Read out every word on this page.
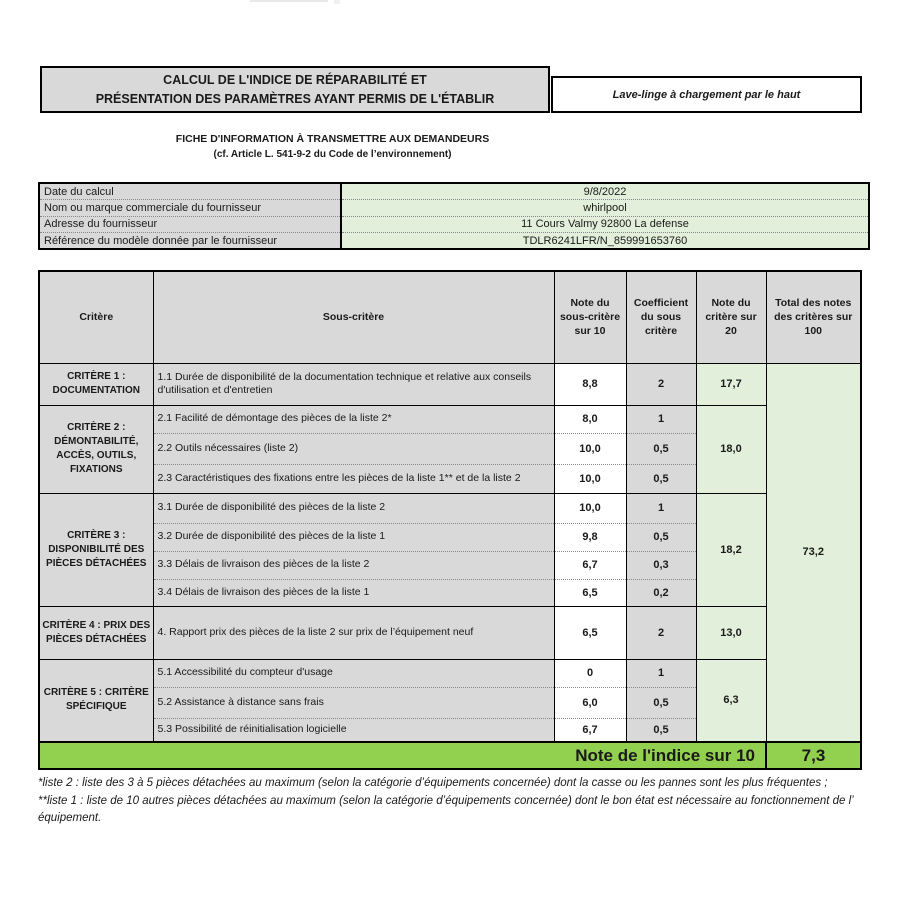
CALCUL DE L'INDICE DE RÉPARABILITÉ ET
PRÉSENTATION DES PARAMÈTRES AYANT PERMIS DE L'ÉTABLIR	Lave-linge à chargement par le haut
FICHE D'INFORMATION À TRANSMETTRE AUX DEMANDEURS
(cf. Article L. 541-9-2 du Code de l’environnement)
Date du calcul	9/8/2022
Nom ou marque commerciale du fournisseur	whirlpool
Adresse du fournisseur	11 Cours Valmy 92800 La defense
Référence du modèle donnée par le fournisseur	TDLR6241LFR/N_859991653760
Critère	Sous-critère	Note du sous-critère sur 10	Coefficient du sous critère	Note du critère sur 20	Total des notes des critères sur 100
CRITÈRE 1 : DOCUMENTATION	1.1 Durée de disponibilité de la documentation technique et relative aux conseils d'utilisation et d'entretien	8,8	2	17,7	73,2
CRITÈRE 2 : DÉMONTABILITÉ, ACCÈS, OUTILS, FIXATIONS	2.1 Facilité de démontage des pièces de la liste 2*	8,0	1	18,0	
	2.2 Outils nécessaires (liste 2)	10,0	0,5		
	2.3 Caractéristiques des fixations entre les pièces de la liste 1** et de la liste 2	10,0	0,5		
CRITÈRE 3 : DISPONIBILITÉ DES PIÈCES DÉTACHÉES	3.1 Durée de disponibilité des pièces de la liste 2	10,0	1	18,2	
	3.2 Durée de disponibilité des pièces de la liste 1	9,8	0,5		
	3.3 Délais de livraison des pièces de la liste 2	6,7	0,3		
	3.4 Délais de livraison des pièces de la liste 1	6,5	0,2		
CRITÈRE 4 : PRIX DES PIÈCES DÉTACHÉES	4. Rapport prix des pièces de la liste 2 sur prix de l’équipement neuf	6,5	2	13,0	
CRITÈRE 5 : CRITÈRE SPÉCIFIQUE	5.1 Accessibilité du compteur d'usage	0	1	6,3	
	5.2 Assistance à distance sans frais	6,0	0,5		
	5.3 Possibilité de réinitialisation logicielle	6,7	0,5		
Note de l'indice sur 10					7,3
*liste 2 : liste des 3 à 5 pièces détachées au maximum (selon la catégorie d’équipements concernée) dont la casse ou les pannes sont les plus fréquentes ;
**liste 1 : liste de 10 autres pièces détachées au maximum (selon la catégorie d’équipements concernée) dont le bon état est nécessaire au fonctionnement de l’ équipement.
